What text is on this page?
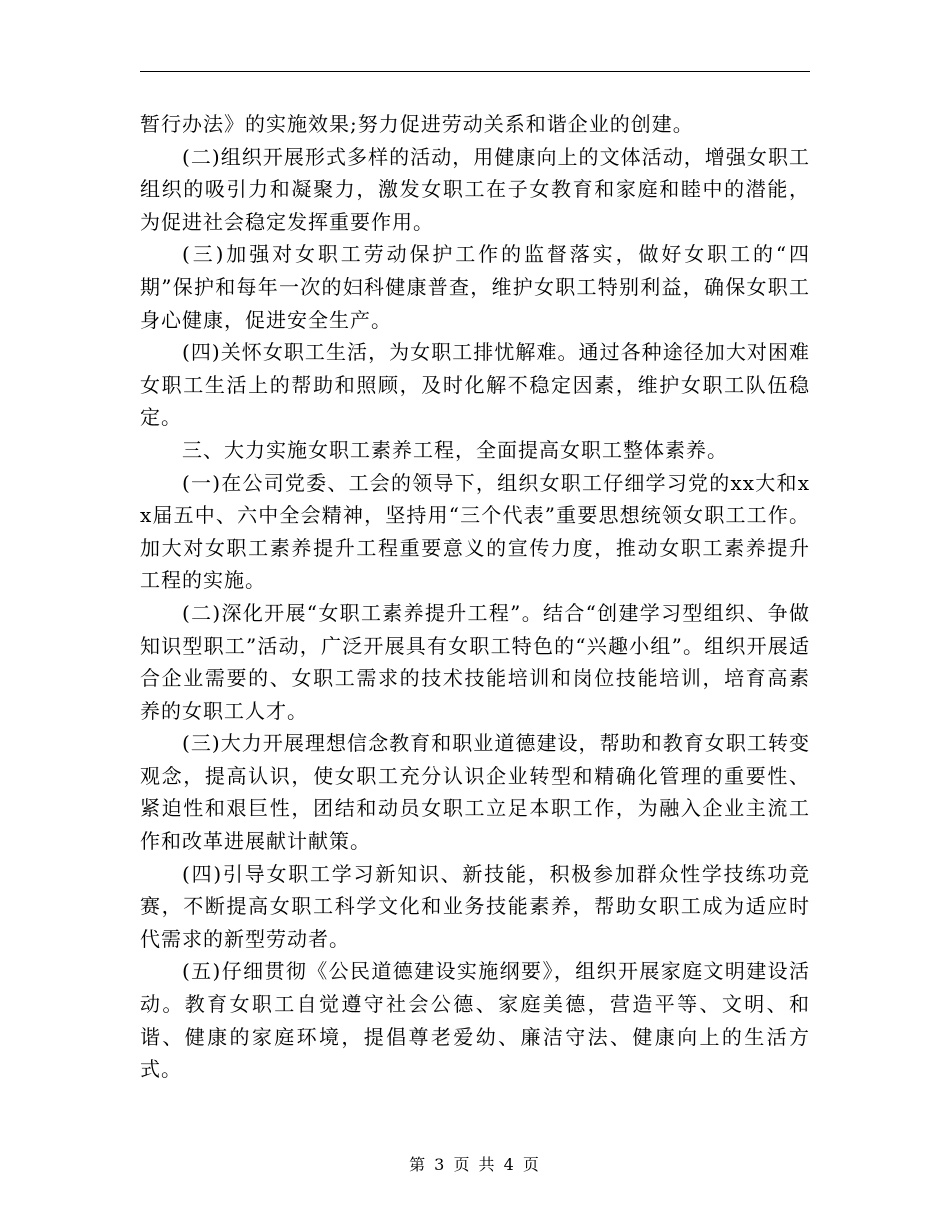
暂行办法》的实施效果;努力促进劳动关系和谐企业的创建。

(二)组织开展形式多样的活动，用健康向上的文体活动，增强女职工组织的吸引力和凝聚力，激发女职工在子女教育和家庭和睦中的潜能，为促进社会稳定发挥重要作用。

(三)加强对女职工劳动保护工作的监督落实，做好女职工的“四期”保护和每年一次的妇科健康普查，维护女职工特别利益，确保女职工身心健康，促进安全生产。

(四)关怀女职工生活，为女职工排忧解难。通过各种途径加大对困难女职工生活上的帮助和照顾，及时化解不稳定因素，维护女职工队伍稳定。

三、大力实施女职工素养工程，全面提高女职工整体素养。

(一)在公司党委、工会的领导下，组织女职工仔细学习党的xx大和xx届五中、六中全会精神，坚持用“三个代表”重要思想统领女职工工作。加大对女职工素养提升工程重要意义的宣传力度，推动女职工素养提升工程的实施。

(二)深化开展“女职工素养提升工程”。结合“创建学习型组织、争做知识型职工”活动，广泛开展具有女职工特色的“兴趣小组”。组织开展适合企业需要的、女职工需求的技术技能培训和岗位技能培训，培育高素养的女职工人才。

(三)大力开展理想信念教育和职业道德建设，帮助和教育女职工转变观念，提高认识，使女职工充分认识企业转型和精确化管理的重要性、紧迫性和艰巨性，团结和动员女职工立足本职工作，为融入企业主流工作和改革进展献计献策。

(四)引导女职工学习新知识、新技能，积极参加群众性学技练功竞赛，不断提高女职工科学文化和业务技能素养，帮助女职工成为适应时代需求的新型劳动者。

(五)仔细贯彻《公民道德建设实施纲要》，组织开展家庭文明建设活动。教育女职工自觉遵守社会公德、家庭美德，营造平等、文明、和谐、健康的家庭环境，提倡尊老爱幼、廉洁守法、健康向上的生活方式。

第 3 页 共 4 页
